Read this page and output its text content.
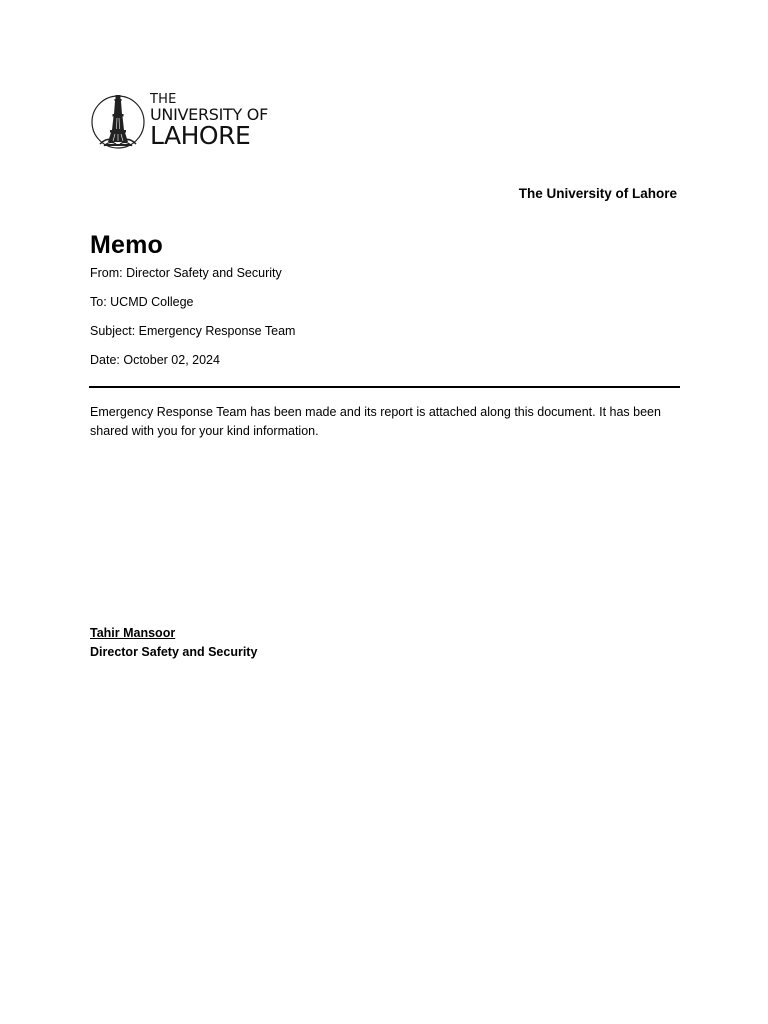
THE
UNIVERSITY OF
LAHORE
The University of Lahore
Memo
From: Director Safety and Security
To: UCMD College
Subject: Emergency Response Team
Date: October 02, 2024
Emergency Response Team has been made and its report is attached along this document. It has been shared with you for your kind information.
Tahir Mansoor
Director Safety and Security
